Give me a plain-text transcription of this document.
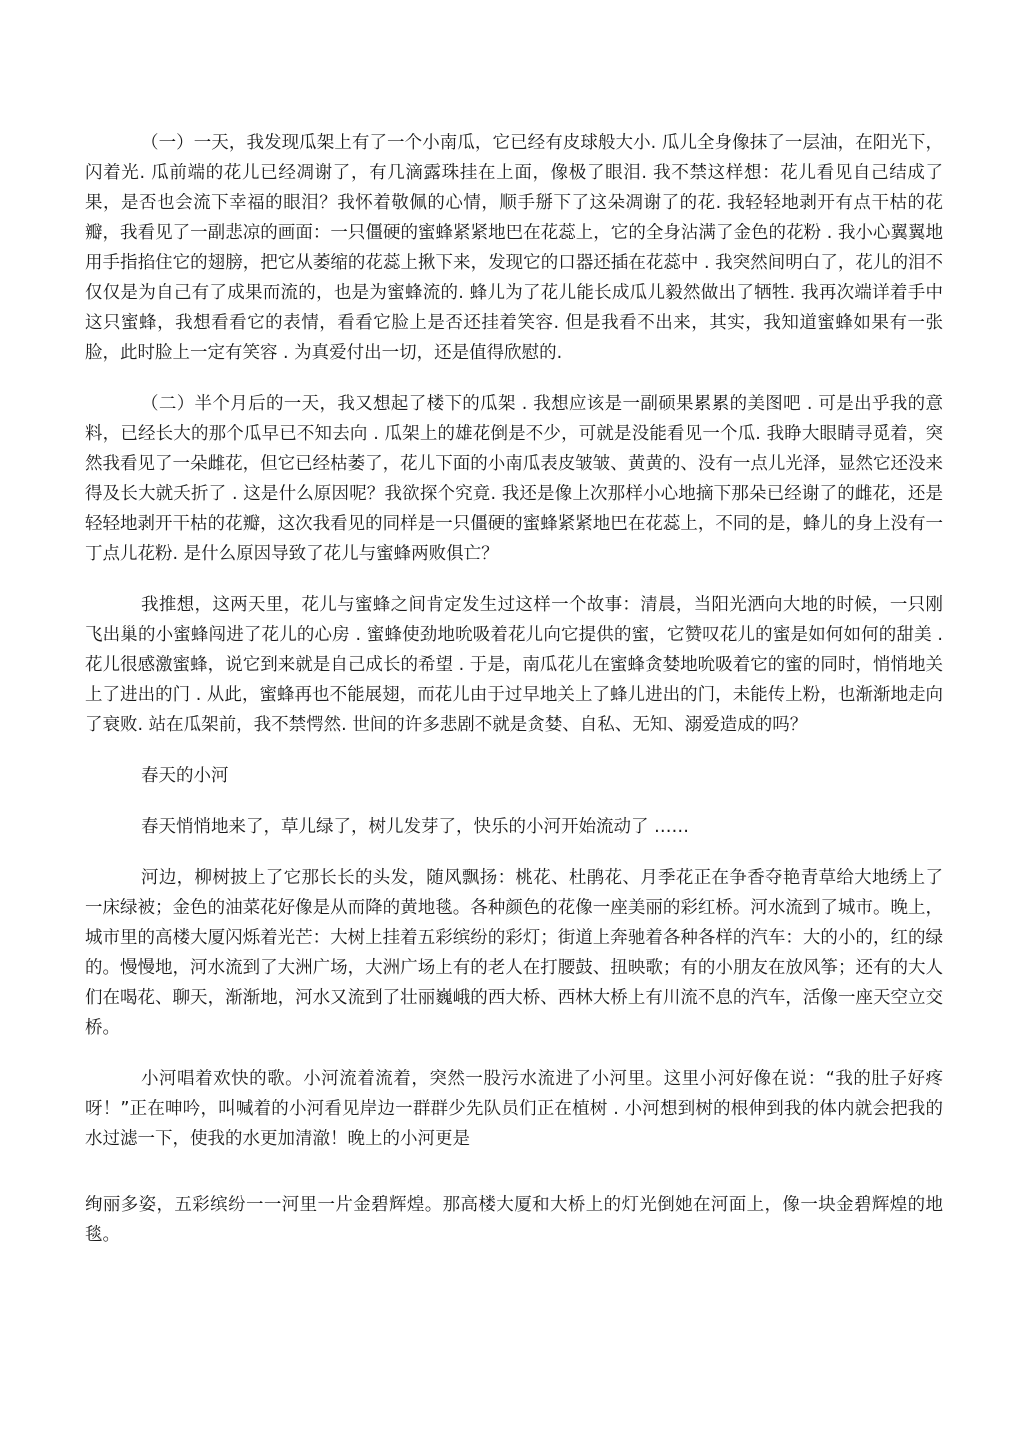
（一）一天，我发现瓜架上有了一个小南瓜，它已经有皮球般大小. 瓜儿全身像抹了一层油，在阳光下，闪着光. 瓜前端的花儿已经凋谢了，有几滴露珠挂在上面，像极了眼泪. 我不禁这样想：花儿看见自己结成了果，是否也会流下幸福的眼泪？我怀着敬佩的心情，顺手掰下了这朵凋谢了的花. 我轻轻地剥开有点干枯的花瓣，我看见了一副悲凉的画面：一只僵硬的蜜蜂紧紧地巴在花蕊上，它的全身沾满了金色的花粉 . 我小心翼翼地用手指掐住它的翅膀，把它从萎缩的花蕊上揪下来，发现它的口器还插在花蕊中 . 我突然间明白了，花儿的泪不仅仅是为自己有了成果而流的，也是为蜜蜂流的. 蜂儿为了花儿能长成瓜儿毅然做出了牺牲. 我再次端详着手中这只蜜蜂，我想看看它的表情，看看它脸上是否还挂着笑容. 但是我看不出来，其实，我知道蜜蜂如果有一张脸，此时脸上一定有笑容 . 为真爱付出一切，还是值得欣慰的.

（二）半个月后的一天，我又想起了楼下的瓜架 . 我想应该是一副硕果累累的美图吧 . 可是出乎我的意料，已经长大的那个瓜早已不知去向 . 瓜架上的雄花倒是不少，可就是没能看见一个瓜. 我睁大眼睛寻觅着，突然我看见了一朵雌花，但它已经枯萎了，花儿下面的小南瓜表皮皱皱、黄黄的、没有一点儿光泽，显然它还没来得及长大就夭折了 . 这是什么原因呢？我欲探个究竟. 我还是像上次那样小心地摘下那朵已经谢了的雌花，还是轻轻地剥开干枯的花瓣，这次我看见的同样是一只僵硬的蜜蜂紧紧地巴在花蕊上，不同的是，蜂儿的身上没有一丁点儿花粉. 是什么原因导致了花儿与蜜蜂两败俱亡？

我推想，这两天里，花儿与蜜蜂之间肯定发生过这样一个故事：清晨，当阳光洒向大地的时候，一只刚飞出巢的小蜜蜂闯进了花儿的心房 . 蜜蜂使劲地吮吸着花儿向它提供的蜜，它赞叹花儿的蜜是如何如何的甜美 . 花儿很感激蜜蜂，说它到来就是自己成长的希望 . 于是，南瓜花儿在蜜蜂贪婪地吮吸着它的蜜的同时，悄悄地关上了进出的门 . 从此，蜜蜂再也不能展翅，而花儿由于过早地关上了蜂儿进出的门，未能传上粉，也渐渐地走向了衰败. 站在瓜架前，我不禁愕然. 世间的许多悲剧不就是贪婪、自私、无知、溺爱造成的吗？

春天的小河

春天悄悄地来了，草儿绿了，树儿发芽了，快乐的小河开始流动了 ……

河边，柳树披上了它那长长的头发，随风飘扬：桃花、杜鹃花、月季花正在争香夺艳青草给大地绣上了一床绿被；金色的油菜花好像是从而降的黄地毯。各种颜色的花像一座美丽的彩红桥。河水流到了城市。晚上，城市里的高楼大厦闪烁着光芒：大树上挂着五彩缤纷的彩灯；街道上奔驰着各种各样的汽车：大的小的，红的绿的。慢慢地，河水流到了大洲广场，大洲广场上有的老人在打腰鼓、扭映歌；有的小朋友在放风筝；还有的大人们在喝花、聊天，渐渐地，河水又流到了壮丽巍峨的西大桥、西林大桥上有川流不息的汽车，活像一座天空立交桥。

小河唱着欢快的歌。小河流着流着，突然一股污水流进了小河里。这里小河好像在说：“我的肚子好疼呀！”正在呻吟，叫喊着的小河看见岸边一群群少先队员们正在植树 . 小河想到树的根伸到我的体内就会把我的水过滤一下，使我的水更加清澈！晚上的小河更是

绚丽多姿，五彩缤纷一一河里一片金碧辉煌。那高楼大厦和大桥上的灯光倒她在河面上，像一块金碧辉煌的地毯。
